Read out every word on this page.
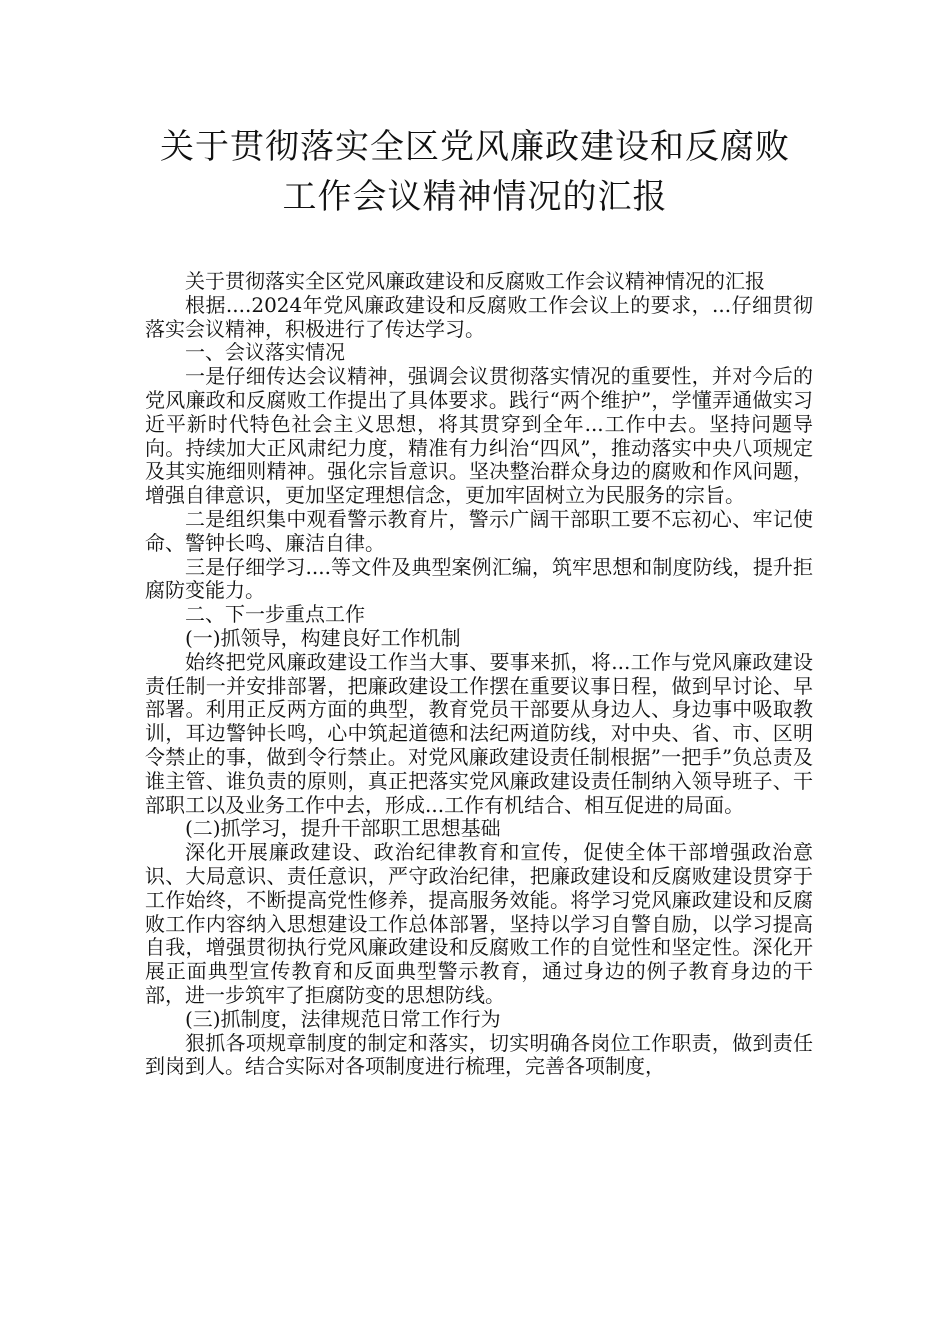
关于贯彻落实全区党风廉政建设和反腐败
工作会议精神情况的汇报

关于贯彻落实全区党风廉政建设和反腐败工作会议精神情况的汇报

根据....2024年党风廉政建设和反腐败工作会议上的要求，...仔细贯彻落实会议精神，积极进行了传达学习。

一、会议落实情况

一是仔细传达会议精神，强调会议贯彻落实情况的重要性，并对今后的党风廉政和反腐败工作提出了具体要求。践行“两个维护”，学懂弄通做实习近平新时代特色社会主义思想，将其贯穿到全年...工作中去。坚持问题导向。持续加大正风肃纪力度，精准有力纠治“四风”，推动落实中央八项规定及其实施细则精神。强化宗旨意识。坚决整治群众身边的腐败和作风问题，增强自律意识，更加坚定理想信念，更加牢固树立为民服务的宗旨。

二是组织集中观看警示教育片，警示广阔干部职工要不忘初心、牢记使命、警钟长鸣、廉洁自律。

三是仔细学习....等文件及典型案例汇编，筑牢思想和制度防线，提升拒腐防变能力。

二、下一步重点工作

(一)抓领导，构建良好工作机制

始终把党风廉政建设工作当大事、要事来抓，将...工作与党风廉政建设责任制一并安排部署，把廉政建设工作摆在重要议事日程，做到早讨论、早部署。利用正反两方面的典型，教育党员干部要从身边人、身边事中吸取教训，耳边警钟长鸣，心中筑起道德和法纪两道防线，对中央、省、市、区明令禁止的事，做到令行禁止。对党风廉政建设责任制根据”一把手”负总责及谁主管、谁负责的原则，真正把落实党风廉政建设责任制纳入领导班子、干部职工以及业务工作中去，形成...工作有机结合、相互促进的局面。

(二)抓学习，提升干部职工思想基础

深化开展廉政建设、政治纪律教育和宣传，促使全体干部增强政治意识、大局意识、责任意识，严守政治纪律，把廉政建设和反腐败建设贯穿于工作始终，不断提高党性修养，提高服务效能。将学习党风廉政建设和反腐败工作内容纳入思想建设工作总体部署，坚持以学习自警自励，以学习提高自我，增强贯彻执行党风廉政建设和反腐败工作的自觉性和坚定性。深化开展正面典型宣传教育和反面典型警示教育，通过身边的例子教育身边的干部，进一步筑牢了拒腐防变的思想防线。

(三)抓制度，法律规范日常工作行为

狠抓各项规章制度的制定和落实，切实明确各岗位工作职责，做到责任到岗到人。结合实际对各项制度进行梳理，完善各项制度，
